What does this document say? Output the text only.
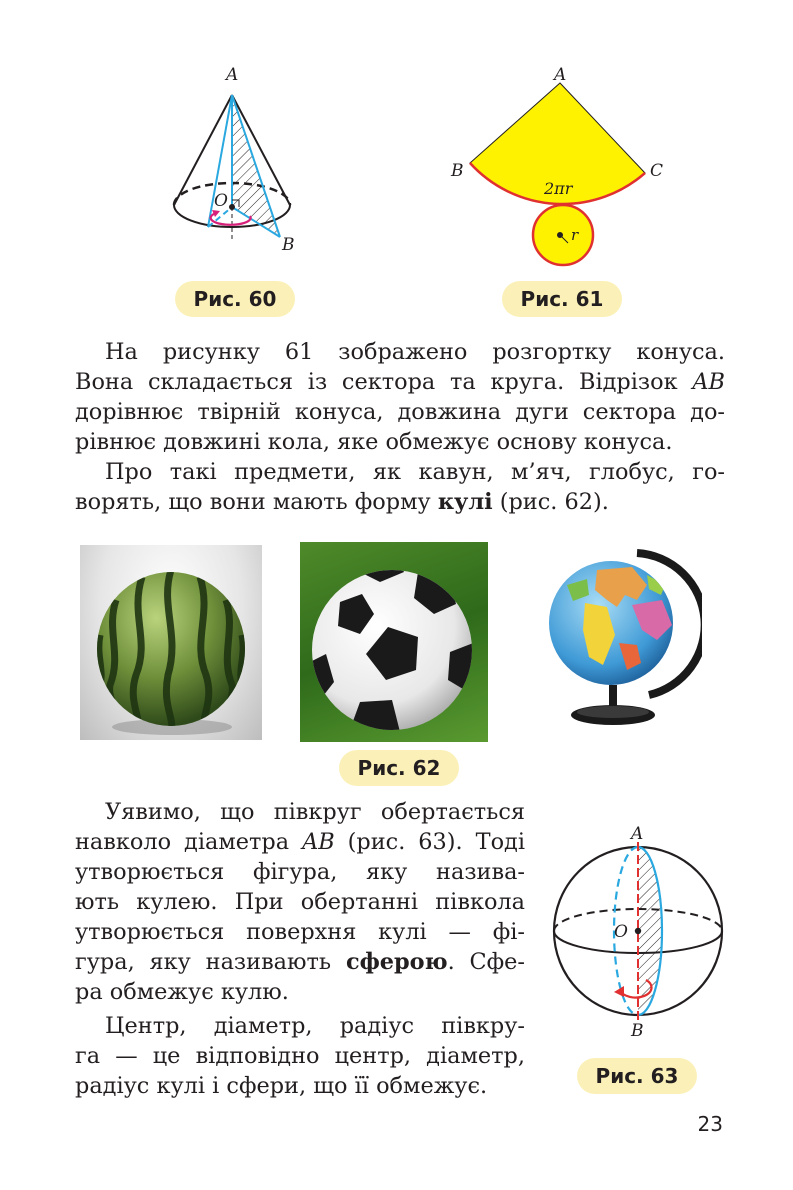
A
O
B
Рис. 60
A
B	C
2πr
r
Рис. 61
На рисунку 61 зображено розгортку конуса.
Вона складається із сектора та круга. Відрізок AB
дорівнює твірній конуса, довжина дуги сектора до-
рівнює довжині кола, яке обмежує основу конуса.
Про такі предмети, як кавун, м’яч, глобус, го-
ворять, що вони мають форму кулі (рис. 62).
Рис. 62
Уявимо, що півкруг обертається
навколо діаметра AB (рис. 63). Тоді
утворюється фігура, яку назива-
ють кулею. При обертанні півкола
утворюється поверхня кулі — фі-
гура, яку називають сферою. Сфе-
ра обмежує кулю.
Центр, діаметр, радіус півкру-
га — це відповідно центр, діаметр,
радіус кулі і сфери, що її обмежує.
A
O
B
Рис. 63
23
